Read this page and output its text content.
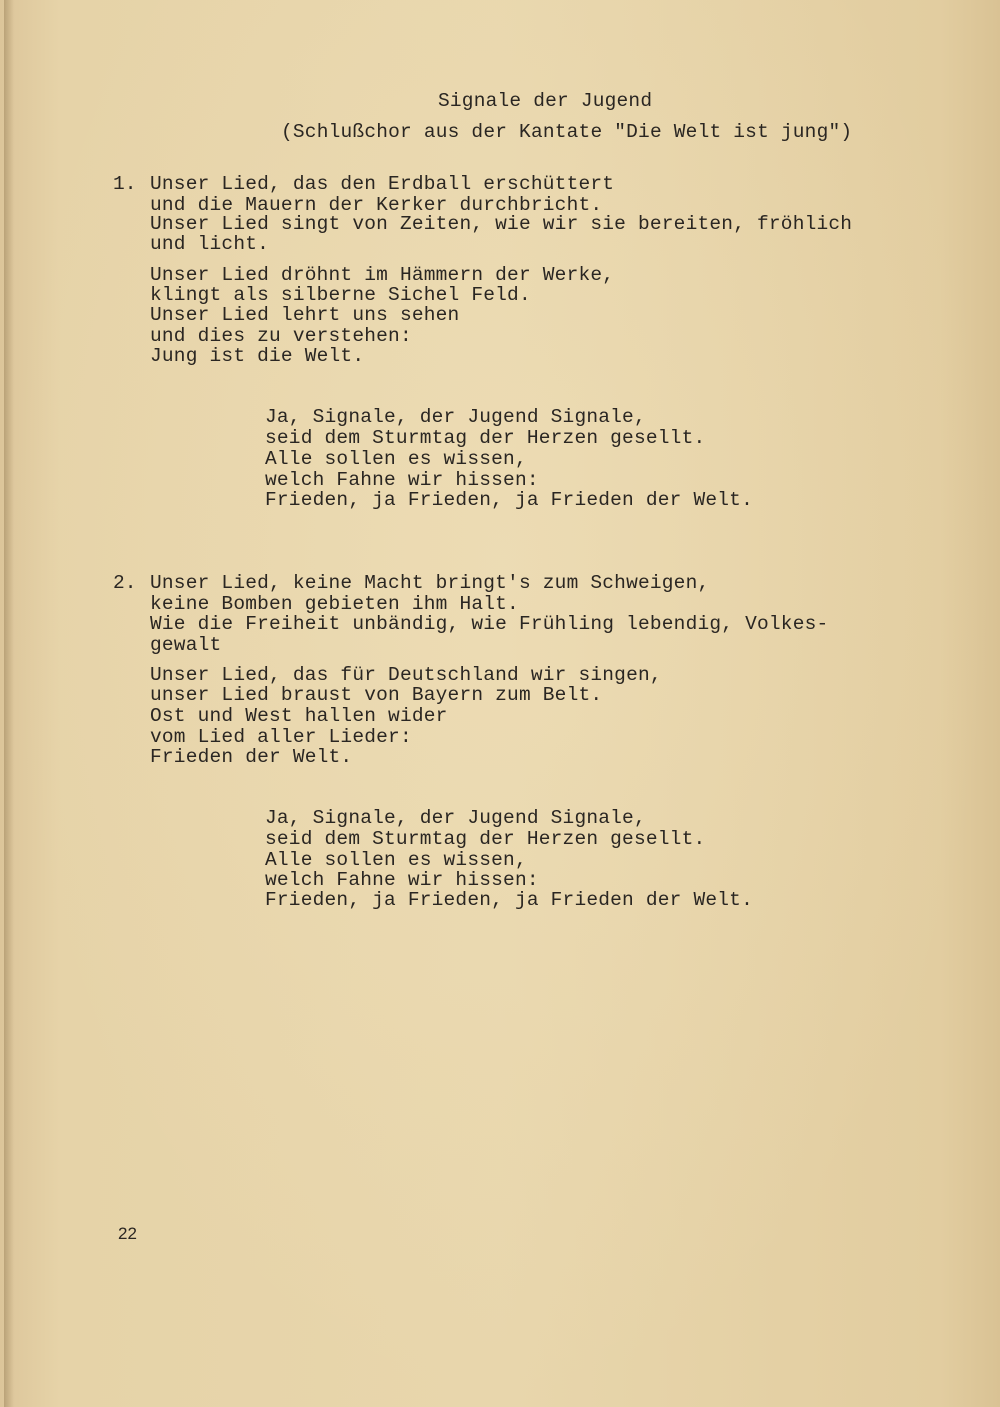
Signale der Jugend
(Schlußchor aus der Kantate "Die Welt ist jung")
1. Unser Lied, das den Erdball erschüttert
und die Mauern der Kerker durchbricht.
Unser Lied singt von Zeiten, wie wir sie bereiten, fröhlich
und licht.
Unser Lied dröhnt im Hämmern der Werke,
klingt als silberne Sichel Feld.
Unser Lied lehrt uns sehen
und dies zu verstehen:
Jung ist die Welt.
Ja, Signale, der Jugend Signale,
seid dem Sturmtag der Herzen gesellt.
Alle sollen es wissen,
welch Fahne wir hissen:
Frieden, ja Frieden, ja Frieden der Welt.
2. Unser Lied, keine Macht bringt's zum Schweigen,
keine Bomben gebieten ihm Halt.
Wie die Freiheit unbändig, wie Frühling lebendig, Volkes-
gewalt
Unser Lied, das für Deutschland wir singen,
unser Lied braust von Bayern zum Belt.
Ost und West hallen wider
vom Lied aller Lieder:
Frieden der Welt.
Ja, Signale, der Jugend Signale,
seid dem Sturmtag der Herzen gesellt.
Alle sollen es wissen,
welch Fahne wir hissen:
Frieden, ja Frieden, ja Frieden der Welt.
22
